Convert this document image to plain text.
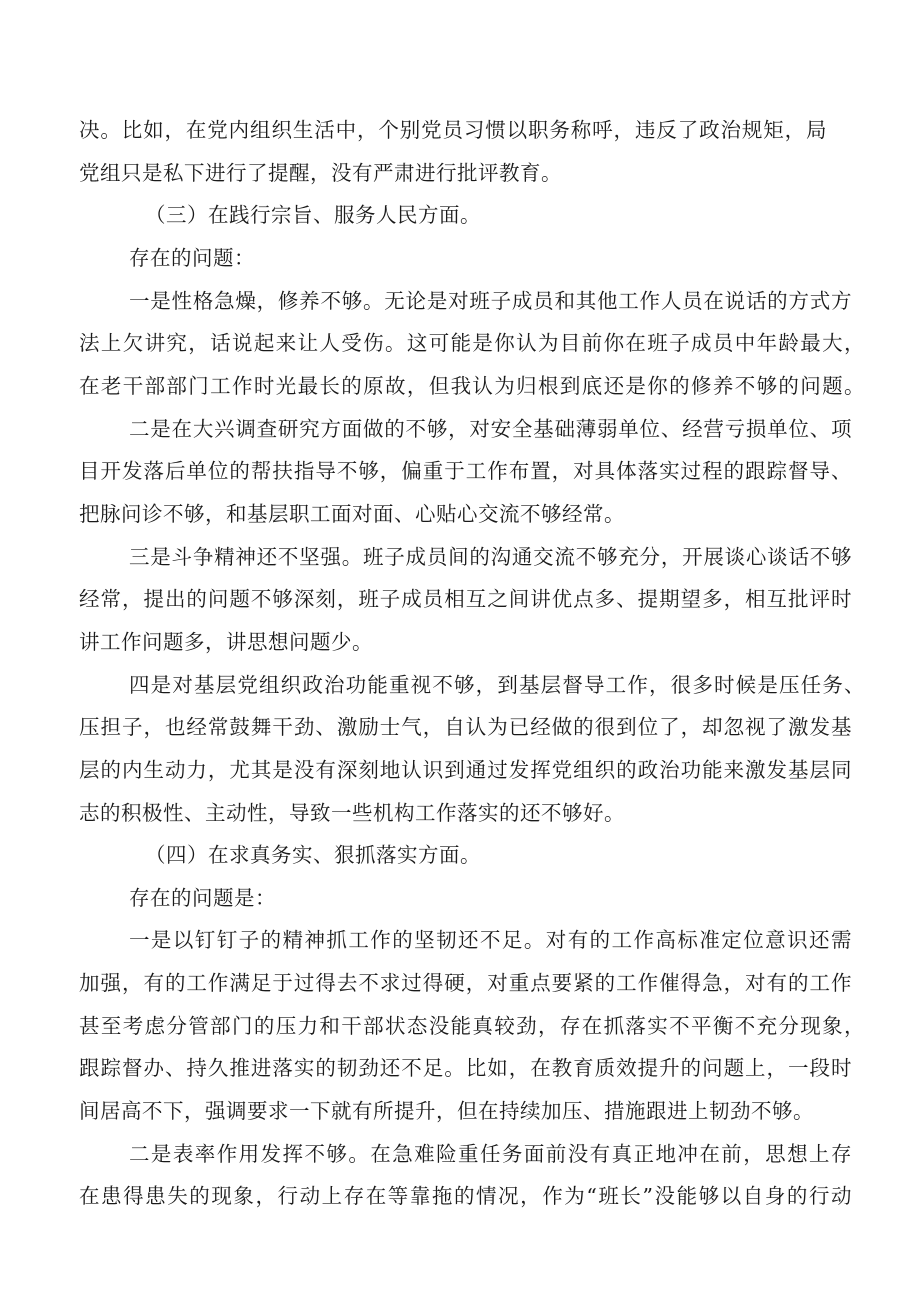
决。比如，在党内组织生活中，个别党员习惯以职务称呼，违反了政治规矩，局

党组只是私下进行了提醒，没有严肃进行批评教育。

（三）在践行宗旨、服务人民方面。

存在的问题：

一是性格急燥，修养不够。无论是对班子成员和其他工作人员在说话的方式方

法上欠讲究，话说起来让人受伤。这可能是你认为目前你在班子成员中年龄最大，

在老干部部门工作时光最长的原故，但我认为归根到底还是你的修养不够的问题。

二是在大兴调查研究方面做的不够，对安全基础薄弱单位、经营亏损单位、项

目开发落后单位的帮扶指导不够，偏重于工作布置，对具体落实过程的跟踪督导、

把脉问诊不够，和基层职工面对面、心贴心交流不够经常。

三是斗争精神还不坚强。班子成员间的沟通交流不够充分，开展谈心谈话不够

经常，提出的问题不够深刻，班子成员相互之间讲优点多、提期望多，相互批评时

讲工作问题多，讲思想问题少。

四是对基层党组织政治功能重视不够，到基层督导工作，很多时候是压任务、

压担子，也经常鼓舞干劲、激励士气，自认为已经做的很到位了，却忽视了激发基

层的内生动力，尤其是没有深刻地认识到通过发挥党组织的政治功能来激发基层同

志的积极性、主动性，导致一些机构工作落实的还不够好。

（四）在求真务实、狠抓落实方面。

存在的问题是：

一是以钉钉子的精神抓工作的坚韧还不足。对有的工作高标准定位意识还需

加强，有的工作满足于过得去不求过得硬，对重点要紧的工作催得急，对有的工作

甚至考虑分管部门的压力和干部状态没能真较劲，存在抓落实不平衡不充分现象，

跟踪督办、持久推进落实的韧劲还不足。比如，在教育质效提升的问题上，一段时

间居高不下，强调要求一下就有所提升，但在持续加压、措施跟进上韧劲不够。

二是表率作用发挥不够。在急难险重任务面前没有真正地冲在前，思想上存

在患得患失的现象，行动上存在等靠拖的情况，作为“班长”没能够以自身的行动
